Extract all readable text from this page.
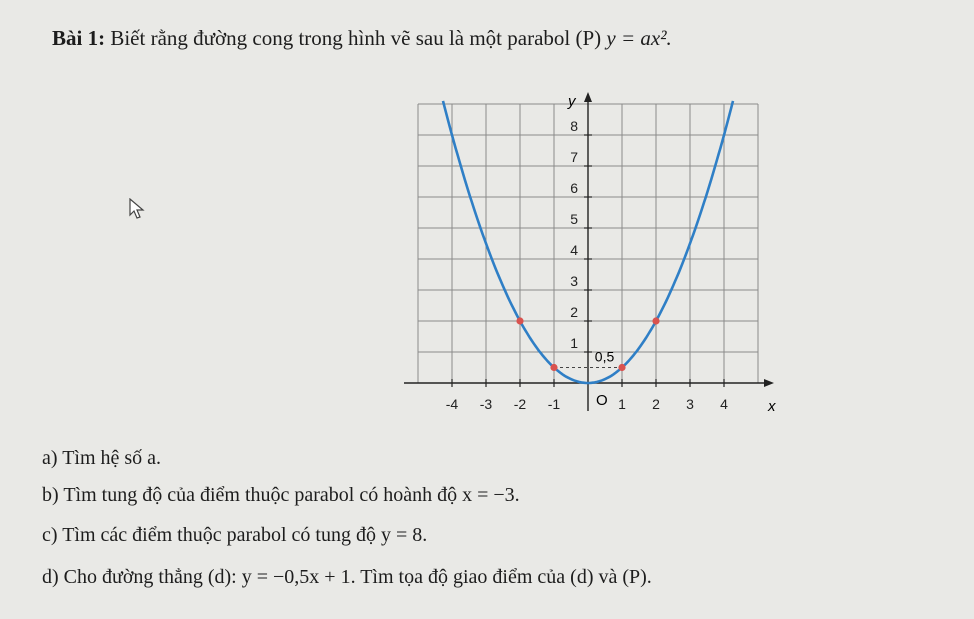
Bài 1: Biết rằng đường cong trong hình vẽ sau là một parabol (P) y = ax².
-4 -3 -2 -1	1 2 3 4
1
2
3
4
5
6
7
8
x
y
O
0,5
a) Tìm hệ số a.
b) Tìm tung độ của điểm thuộc parabol có hoành độ x = −3.
c) Tìm các điểm thuộc parabol có tung độ y = 8.
d) Cho đường thẳng (d): y = −0,5x + 1. Tìm tọa độ giao điểm của (d) và (P).
